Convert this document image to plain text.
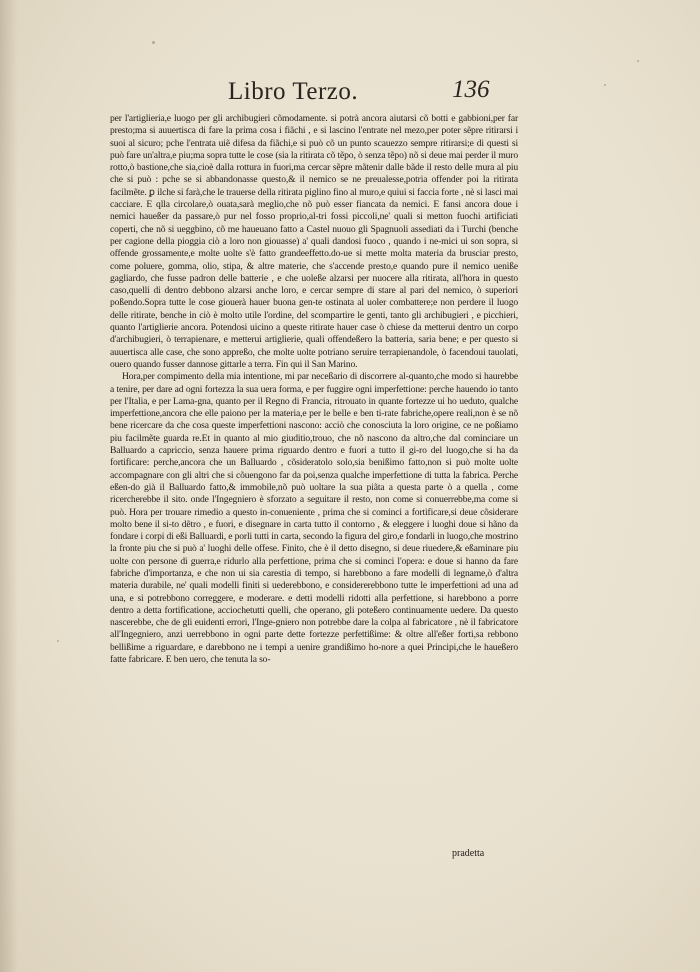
Libro Terzo.	136

per l'artiglieria,e luogo per gli archibugieri cõmodamente. si potrà ancora aiutarsi cõ botti e gabbioni,per far presto;ma si auuertisca di fare la prima cosa i fiãchi , e si lascino l'entrate nel mezo,per poter sẽpre ritirarsi i suoi al sicuro; pche l'entrata uiẽ difesa da fiãchi,e si può cõ un punto scauezzo sempre ritirarsi;e di questi si può fare un'altra,e piu;ma sopra tutte le cose (sia la ritirata cõ tẽpo, ò senza tẽpo) nõ si deue mai perder il muro rotto,ò bastione,che sia,cioè dalla rottura in fuori,ma cercar sẽpre mãtenir dalle bãde il resto delle mura al piu che si può : pche se si abbandonasse questo,& il nemico se ne preualesse,potria offender poi la ritirata facilmẽte. ꝑ ilche si farà,che le trauerse della ritirata piglino fino al muro,e quiui si faccia forte , nè si lasci mai cacciare. E qlla circolare,ò ouata,sarà meglio,che nõ può esser fiancata da nemici. E fansi ancora doue i nemici haueßer da passare,ò pur nel fosso proprio,al-tri fossi piccoli,ne' quali si metton fuochi artificiati coperti, che nõ si ueggbino, cõ me haueuano fatto a Castel nuouo gli Spagnuoli assediati da i Turchi (benche per cagione della pioggia ciò a loro non giouasse) a' quali dandosi fuoco , quando i ne-mici ui son sopra, si offende grossamente,e molte uolte s'è fatto grandeeffetto.do-ue si mette molta materia da brusciar presto, come poluere, gomma, olio, stipa, & altre materie, che s'accende presto,e quando pure il nemico ueniße gagliardo, che fusse padron delle batterie , e che uoleße alzarsi per nuocere alla ritirata, all'hora in questo caso,quelli di dentro debbono alzarsi anche loro, e cercar sempre di stare al pari del nemico, ò superiori poßendo.Sopra tutte le cose giouerà hauer buona gen-te ostinata al uoler combattere;e non perdere il luogo delle ritirate, benche in ciò è molto utile l'ordine, del scompartire le genti, tanto gli archibugieri , e picchieri, quanto l'artiglierie ancora. Potendosi uicino a queste ritirate hauer case ò chiese da metterui dentro un corpo d'archibugieri, ò terrapienare, e metterui artiglierie, quali offendeßero la batteria, saria bene; e per questo si auuertisca alle case, che sono appreßo, che molte uolte potriano seruire terrapienandole, ò facendoui tauolati, ouero quando fusser dannose gittarle a terra. Fin qui il San Marino.

Hora,per compimento della mia intentione, mi par neceßario di discorrere al-quanto,che modo si haurebbe a tenire, per dare ad ogni fortezza la sua uera forma, e per fuggire ogni imperfettione: perche hauendo io tanto per l'Italia, e per Lama-gna, quanto per il Regno di Francia, ritrouato in quante fortezze ui ho ueduto, qualche imperfettione,ancora che elle paiono per la materia,e per le belle e ben ti-rate fabriche,opere reali,non è se nõ bene ricercare da che cosa queste imperfettioni nascono: acciò che conosciuta la loro origine, ce ne poßiamo piu facilmẽte guarda re.Et in quanto al mio giuditio,trouo, che nõ nascono da altro,che dal cominciare un Balluardo a capriccio, senza hauere prima riguardo dentro e fuori a tutto il gi-ro del luogo,che si ha da fortificare: perche,ancora che un Balluardo , cõsideratolo solo,sia benißimo fatto,non si può molte uolte accompagnare con gli altri che si cõuengono far da poi,senza qualche imperfettione di tutta la fabrica. Perche eßen-do già il Balluardo fatto,& immobile,nõ può uoltare la sua piãta a questa parte ò a quella , come ricercherebbe il sito. onde l'Ingegniero è sforzato a seguitare il resto, non come si conuerrebbe,ma come si può. Hora per trouare rimedio a questo in-conueniente , prima che si cominci a fortificare,si deue cõsiderare molto bene il si-to dẽtro , e fuori, e disegnare in carta tutto il contorno , & eleggere i luoghi doue si hãno da fondare i corpi di eßi Balluardi, e porli tutti in carta, secondo la figura del giro,e fondarli in luogo,che mostrino la fronte piu che si può a' luoghi delle offese. Finito, che è il detto disegno, si deue riuedere,& eßaminare piu uolte con persone di guerra,e ridurlo alla perfettione, prima che si cominci l'opera: e doue si hanno da fare fabriche d'importanza, e che non ui sia carestia di tempo, si harebbono a fare modelli di legname,ò d'altra materia durabile, ne' quali modelli finiti si uederebbono, e considererebbono tutte le imperfettioni ad una ad una, e si potrebbono correggere, e moderare. e detti modelli ridotti alla perfettione, si harebbono a porre dentro a detta fortificatione, acciochetutti quelli, che operano, gli poteßero continuamente uedere. Da questo nascerebbe, che de gli euidenti errori, l'Inge-gniero non potrebbe dare la colpa al fabricatore , nè il fabricatore all'Ingegniero, anzi uerrebbono in ogni parte dette fortezze perfettißime: & oltre all'eßer forti,sa rebbono bellißime a riguardare, e darebbono ne i tempi a uenire grandißimo ho-nore a quei Principi,che le haueßero fatte fabricare. E ben uero, che tenuta la so-

pradetta
